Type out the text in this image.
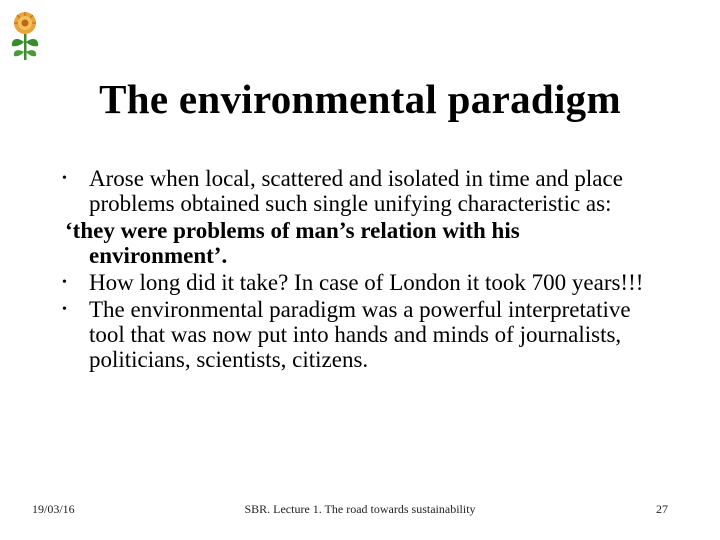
The environmental paradigm
• Arose when local, scattered and isolated in time and place problems obtained such single unifying characteristic as:
‘they were problems of man’s relation with his environment’.
• How long did it take? In case of London it took 700 years!!!
• The environmental paradigm was a powerful interpretative tool that was now put into hands and minds of journalists, politicians, scientists, citizens.
19/03/16	SBR. Lecture 1. The road towards sustainability	27
